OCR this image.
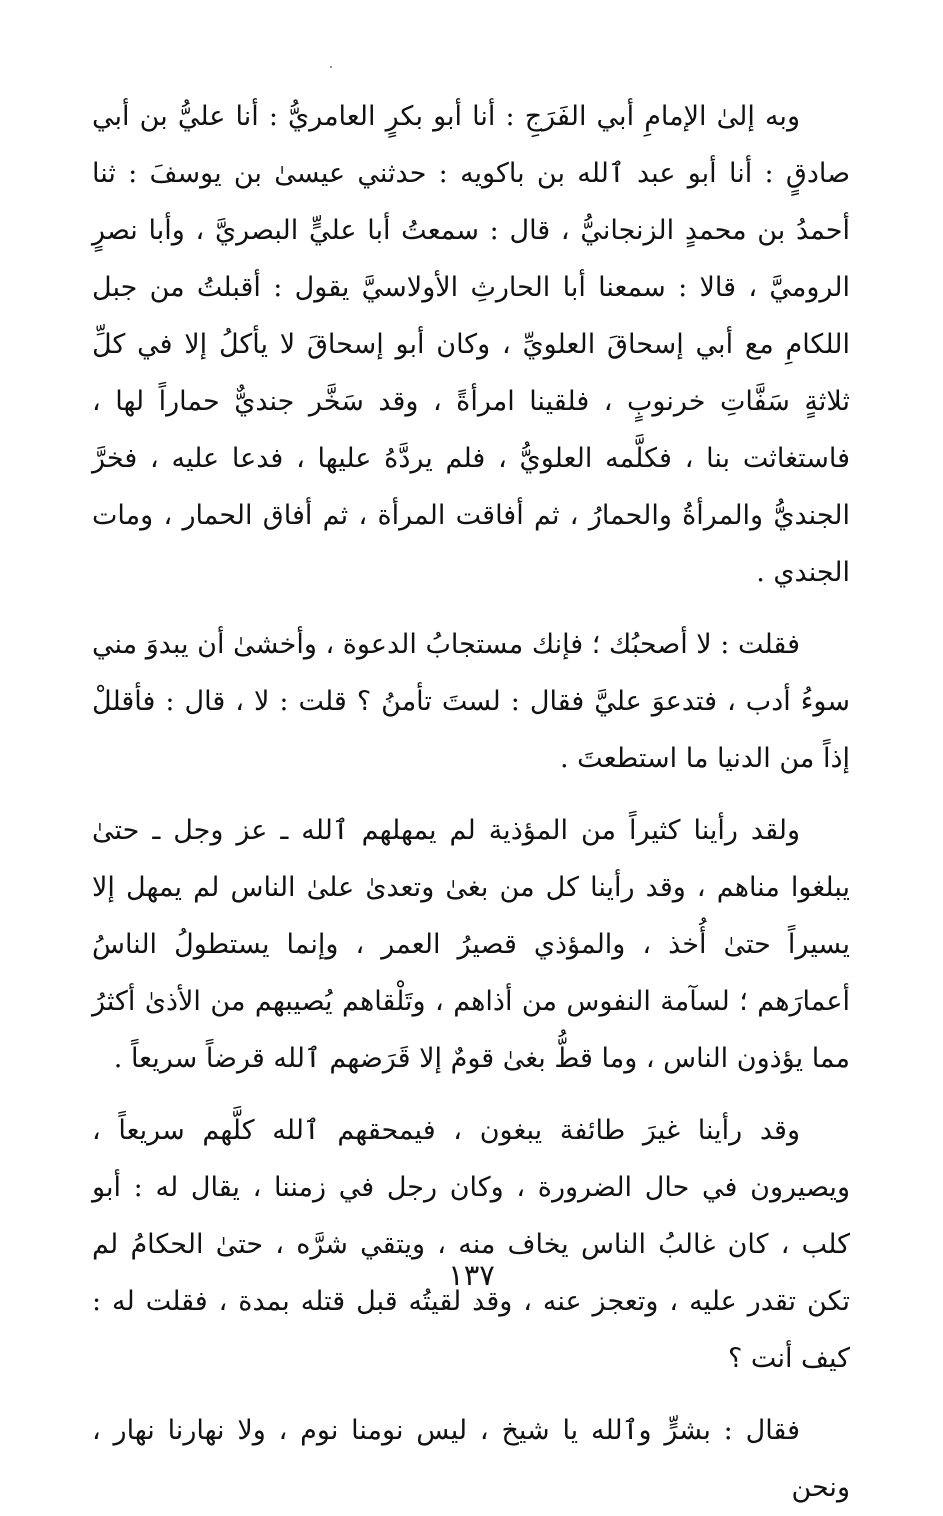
وبه إلىٰ الإمامِ أبي الفَرَجِ : أنا أبو بكرٍ العامريُّ : أنا عليُّ بن أبي صادقٍ : أنا أبو عبد ٱلله بن باكويه : حدثني عيسىٰ بن يوسفَ : ثنا أحمدُ بن محمدٍ الزنجانيُّ ، قال : سمعتُ أبا عليٍّ البصريَّ ، وأبا نصرٍ الروميَّ ، قالا : سمعنا أبا الحارثِ الأولاسيَّ يقول : أقبلتُ من جبل اللكامِ مع أبي إسحاقَ العلويِّ ، وكان أبو إسحاقَ لا يأكلُ إلا في كلِّ ثلاثةٍ سَفَّاتِ خرنوبٍ ، فلقينا امرأةً ، وقد سَخَّر جنديٌّ حماراً لها ، فاستغاثت بنا ، فكلَّمه العلويُّ ، فلم يردَّهُ عليها ، فدعا عليه ، فخرَّ الجنديُّ والمرأةُ والحمارُ ، ثم أفاقت المرأة ، ثم أفاق الحمار ، ومات الجندي .

فقلت : لا أصحبُك ؛ فإنك مستجابُ الدعوة ، وأخشىٰ أن يبدوَ مني سوءُ أدب ، فتدعوَ عليَّ فقال : لستَ تأمنُ ؟ قلت : لا ، قال : فأقللْ إذاً من الدنيا ما استطعتَ .

ولقد رأينا كثيراً من المؤذية لم يمهلهم ٱلله ـ عز وجل ـ حتىٰ يبلغوا مناهم ، وقد رأينا كل من بغىٰ وتعدىٰ علىٰ الناس لم يمهل إلا يسيراً حتىٰ أُخذ ، والمؤذي قصيرُ العمر ، وإنما يستطولُ الناسُ أعمارَهم ؛ لسآمة النفوس من أذاهم ، وتَلْقاهم يُصيبهم من الأذىٰ أكثرُ مما يؤذون الناس ، وما قطُّ بغىٰ قومٌ إلا قَرَضهم ٱلله قرضاً سريعاً .

وقد رأينا غيرَ طائفة يبغون ، فيمحقهم ٱلله كلَّهم سريعاً ، ويصيرون في حال الضرورة ، وكان رجل في زمننا ، يقال له : أبو كلب ، كان غالبُ الناس يخاف منه ، ويتقي شرَّه ، حتىٰ الحكامُ لم تكن تقدر عليه ، وتعجز عنه ، وقد لقيتُه قبل قتله بمدة ، فقلت له : كيف أنت ؟

فقال : بشرٍّ وٱلله يا شيخ ، ليس نومنا نوم ، ولا نهارنا نهار ، ونحن

١٣٧
